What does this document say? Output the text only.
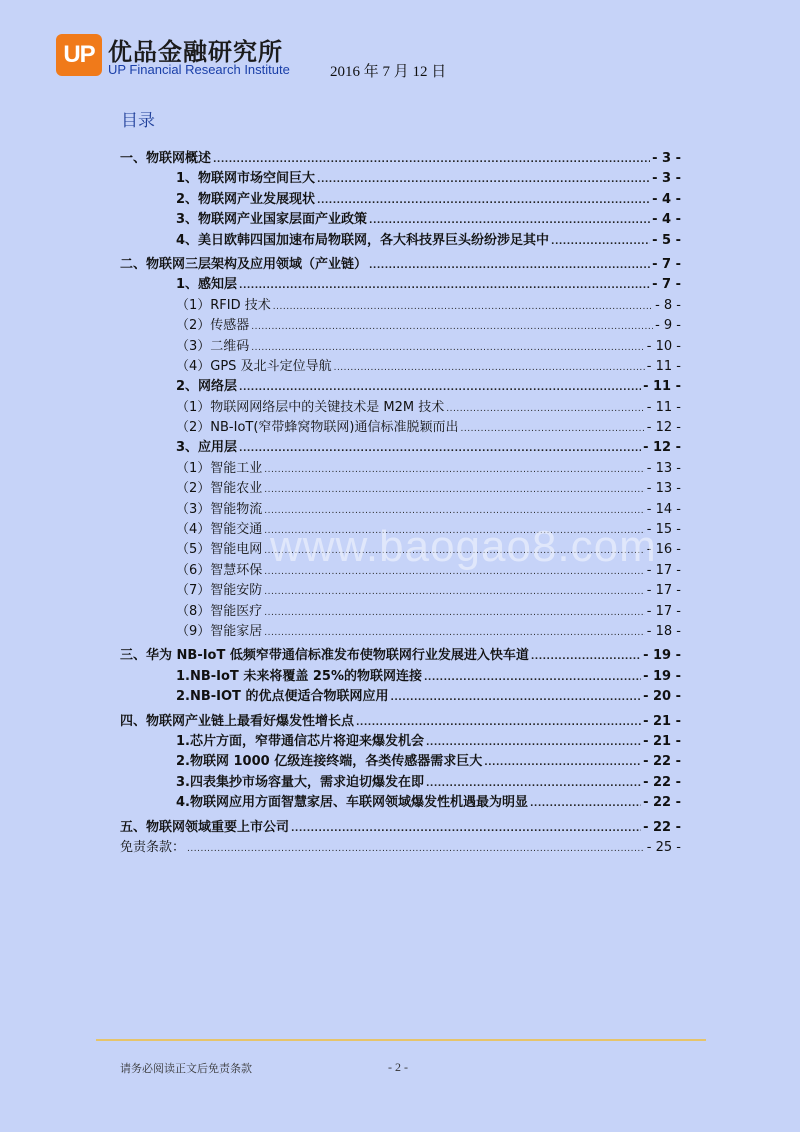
UP 优品金融研究所
UP Financial Research Institute	2016 年 7 月 12 日
目录
一、物联网概述 .....	- 3 -
1、物联网市场空间巨大 .....	- 3 -
2、物联网产业发展现状 .....	- 4 -
3、物联网产业国家层面产业政策 .....	- 4 -
4、美日欧韩四国加速布局物联网，各大科技界巨头纷纷涉足其中 .....	- 5 -
二、物联网三层架构及应用领域（产业链） .....	- 7 -
1、感知层 .....	- 7 -
（1）RFID 技术 .....	- 8 -
（2）传感器 .....	- 9 -
（3）二维码 .....	- 10 -
（4）GPS 及北斗定位导航 .....	- 11 -
2、网络层 .....	- 11 -
（1）物联网网络层中的关键技术是 M2M 技术 .....	- 11 -
（2）NB-IoT(窄带蜂窝物联网)通信标准脱颖而出 .....	- 12 -
3、应用层 .....	- 12 -
（1）智能工业 .....	- 13 -
（2）智能农业 .....	- 13 -
（3）智能物流 .....	- 14 -
（4）智能交通 .....	- 15 -
（5）智能电网 .....	- 16 -
（6）智慧环保 .....	- 17 -
（7）智能安防 .....	- 17 -
（8）智能医疗 .....	- 17 -
（9）智能家居 .....	- 18 -
三、华为 NB-IoT 低频窄带通信标准发布使物联网行业发展进入快车道 .....	- 19 -
1.NB-IoT 未来将覆盖 25%的物联网连接 .....	- 19 -
2.NB-IOT 的优点便适合物联网应用 .....	- 20 -
四、物联网产业链上最看好爆发性增长点 .....	- 21 -
1.芯片方面，窄带通信芯片将迎来爆发机会 .....	- 21 -
2.物联网 1000 亿级连接终端，各类传感器需求巨大 .....	- 22 -
3.四表集抄市场容量大，需求迫切爆发在即 .....	- 22 -
4.物联网应用方面智慧家居、车联网领域爆发性机遇最为明显 .....	- 22 -
五、物联网领域重要上市公司 .....	- 22 -
免责条款： .....	- 25 -
www.baogao8.com
请务必阅读正文后免责条款	- 2 -
